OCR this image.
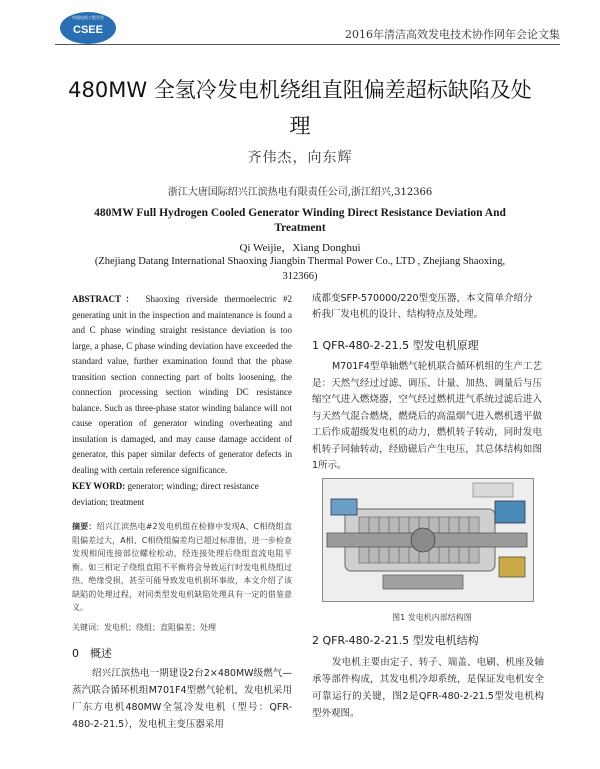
中国电机工程学会
CSEE	2016年清洁高效发电技术协作网年会论文集
480MW 全氢冷发电机绕组直阻偏差超标缺陷及处理
齐伟杰，向东辉
浙江大唐国际绍兴江滨热电有限责任公司,浙江绍兴,312366
480MW Full Hydrogen Cooled Generator Winding Direct Resistance Deviation And Treatment
Qi Weijie，Xiang Donghui
(Zhejiang Datang International Shaoxing Jiangbin Thermal Power Co., LTD , Zhejiang Shaoxing, 312366)
ABSTRACT： Shaoxing riverside thermoelectric #2 generating unit in the inspection and maintenance is found a and C phase winding straight resistance deviation is too large, a phase, C phase winding deviation have exceeded the standard value, further examination found that the phase transition section connecting part of bolts loosening, the connection processing section winding DC resistance balance. Such as three-phase stator winding balance will not cause operation of generator winding overheating and insulation is damaged, and may cause damage accident of generator, this paper similar defects of generator defects in dealing with certain reference significance.
KEY WORD: generator; winding; direct resistance deviation; treatment
摘要：绍兴江滨热电#2发电机组在检修中发现A、C相绕组直阻偏差过大，A相、C相绕组偏差均已超过标准值，进一步检查发现相间连接部位螺栓松动，经连接处理后绕组直流电阻平衡。如三相定子绕组直阻不平衡将会导致运行时发电机绕组过热、绝缘受损，甚至可能导致发电机损坏事故，本文介绍了该缺陷的处理过程，对同类型发电机缺陷处理具有一定的借鉴意义。
关键词：发电机；绕组；直阻偏差；处理
0　概述
绍兴江滨热电一期建设2台2×480MW级燃气—蒸汽联合循环机组M701F4型燃气轮机，发电机采用厂东方电机480MW全氢冷发电机（型号：QFR-480-2-21.5），发电机主变压器采用
成都变SFP-570000/220型变压器，本文简单介绍分析我厂发电机的设计、结构特点及处理。
1 QFR-480-2-21.5 型发电机原理
M701F4型单轴燃气轮机联合循环机组的生产工艺是：天然气经过过滤、调压、计量、加热、调量后与压缩空气进入燃烧器，空气经过燃机进气系统过滤后进入与天然气混合燃烧，燃烧后的高温烟气进入燃机透平做工后作成超级发电机的动力，燃机转子转动，同时发电机转子同轴转动，经励磁后产生电压，其总体结构如图1所示。
图1 发电机内部结构图
2 QFR-480-2-21.5 型发电机结构
发电机主要由定子、转子、端盖、电刷、机座及轴承等部件构成，其发电机冷却系统，是保证发电机安全可靠运行的关键，图2是QFR-480-2-21.5型发电机构型外观图。
